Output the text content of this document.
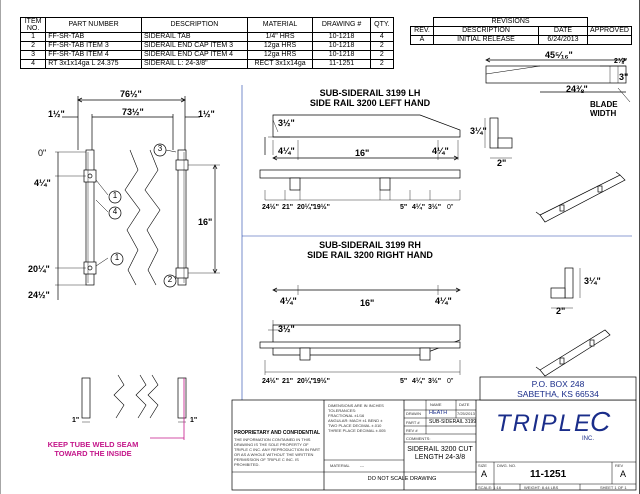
ITEM NO.	PART NUMBER	DESCRIPTION	MATERIAL	DRAWING #	QTY.
1	FF-SR-TAB	SIDERAIL TAB	1/4" HRS	10-1218	4
2	FF-SR-TAB ITEM 3	SIDERAIL END CAP ITEM 3	12ga HRS	10-1218	2
3	FF-SR-TAB ITEM 4	SIDERAIL END CAP ITEM 4	12ga HRS	10-1218	2
4	RT 3x1x14ga L 24.375	SIDERAIL L: 24-3/8"	RECT 3x1x14ga	11-1251	2
	REVISIONS		
REV.	DESCRIPTION	DATE	APPROVED
A	INITIAL RELEASE	6/24/2013	
76½"
73½"
1½"	1½"
0"
4¼"
20¼"
24½"
16"
1
4
1
3
2
45⁵⁄₁₆"
24⅜"
2⅜"
3"
BLADE WIDTH
SUB-SIDERAIL 3199 LH
SIDE RAIL 3200 LEFT HAND
3½"
4¼"	16"	4¼"
24½" 21" 20¼" 19½"	5" 4¼" 3½" 0"
3¼"
2"
SUB-SIDERAIL 3199 RH
SIDE RAIL 3200 RIGHT HAND
4¼"	16"	4¼"
3½"
24½" 21" 20¼" 19½"	5" 4¼" 3½" 0"
3¼"
2"
1"	1"
KEEP TUBE WELD SEAM
TOWARD THE INSIDE
P.O. BOX 248
SABETHA, KS 66534
TRIPLE
C
INC.
PROPRIETARY AND CONFIDENTIAL
THE INFORMATION CONTAINED IN THIS DRAWING IS THE SOLE PROPERTY OF TRIPLE C INC. ANY REPRODUCTION IN PART OR AS A WHOLE WITHOUT THE WRITTEN PERMISSION OF TRIPLE C INC. IS PROHIBITED.
DIMENSIONS ARE IN INCHES
TOLERANCES:
FRACTIONAL ±1/16
ANGULAR: MACH ±1 BEND ±
TWO PLACE DECIMAL ±.010
THREE PLACE DECIMAL ±.005
MATERIAL	---
NAME	DATE
DRAWN HEATH 7/25/2013
PART # SUB-SIDERAIL 3199
REV #
COMMENTS:
SIDERAIL 3200 CUT
LENGTH 24-3/8
DO NOT SCALE DRAWING
SIZE
A
DWG. NO.
11-1251
REV
A
SCALE: 1:16	WEIGHT: 8.44 LBS	SHEET 1 OF 1
